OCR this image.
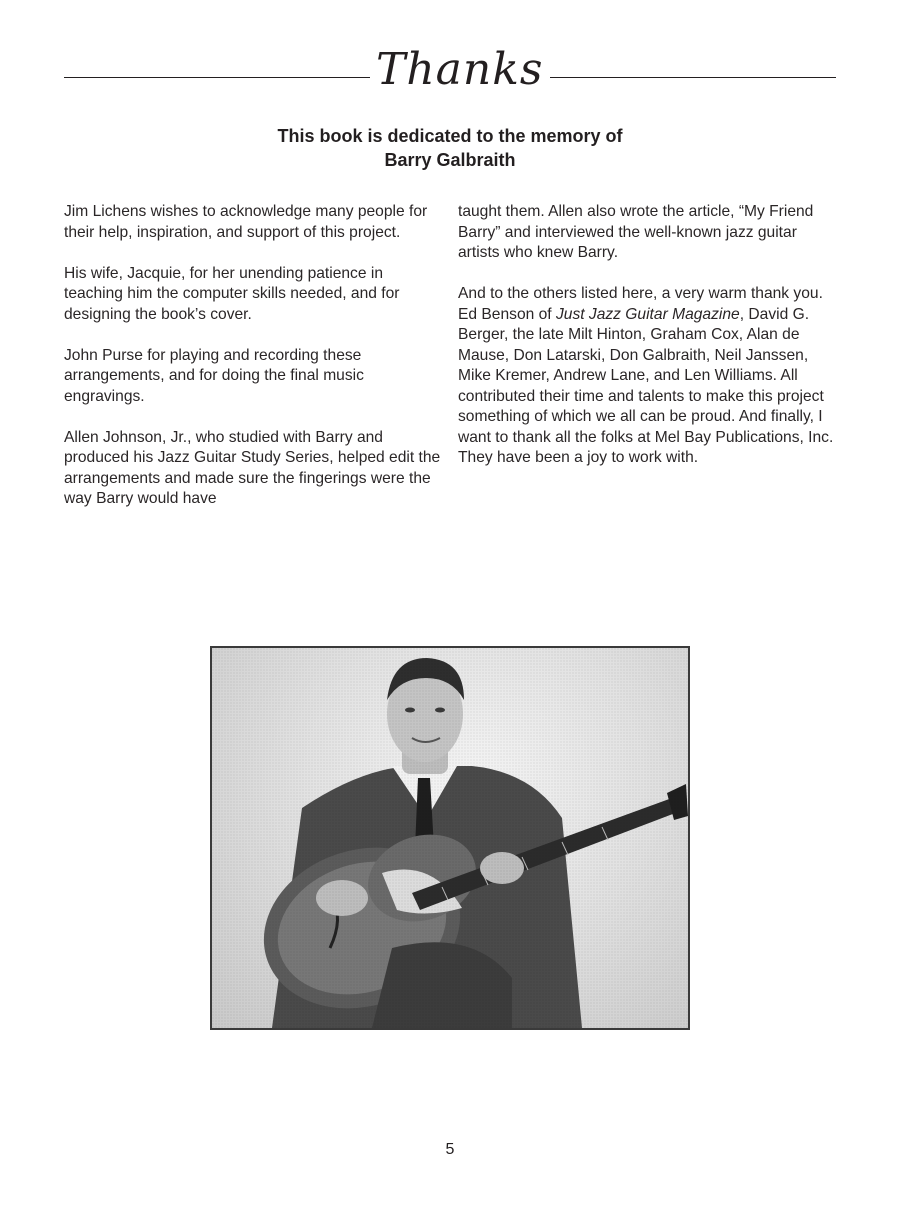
Thanks
This book is dedicated to the memory of
Barry Galbraith

Jim Lichens wishes to acknowledge many people for their help, inspiration, and support of this project.

His wife, Jacquie, for her unending patience in teaching him the computer skills needed, and for designing the book’s cover.

John Purse for playing and recording these arrangements, and for doing the final music engravings.

Allen Johnson, Jr., who studied with Barry and produced his Jazz Guitar Study Series, helped edit the arrangements and made sure the fingerings were the way Barry would have

taught them. Allen also wrote the article, “My Friend Barry” and interviewed the well-known jazz guitar artists who knew Barry.

And to the others listed here, a very warm thank you. Ed Benson of Just Jazz Guitar Magazine, David G. Berger, the late Milt Hinton, Graham Cox, Alan de Mause, Don Latarski, Don Galbraith, Neil Janssen, Mike Kremer, Andrew Lane, and Len Williams. All contributed their time and talents to make this project something of which we all can be proud. And finally, I want to thank all the folks at Mel Bay Publications, Inc. They have been a joy to work with.

5
